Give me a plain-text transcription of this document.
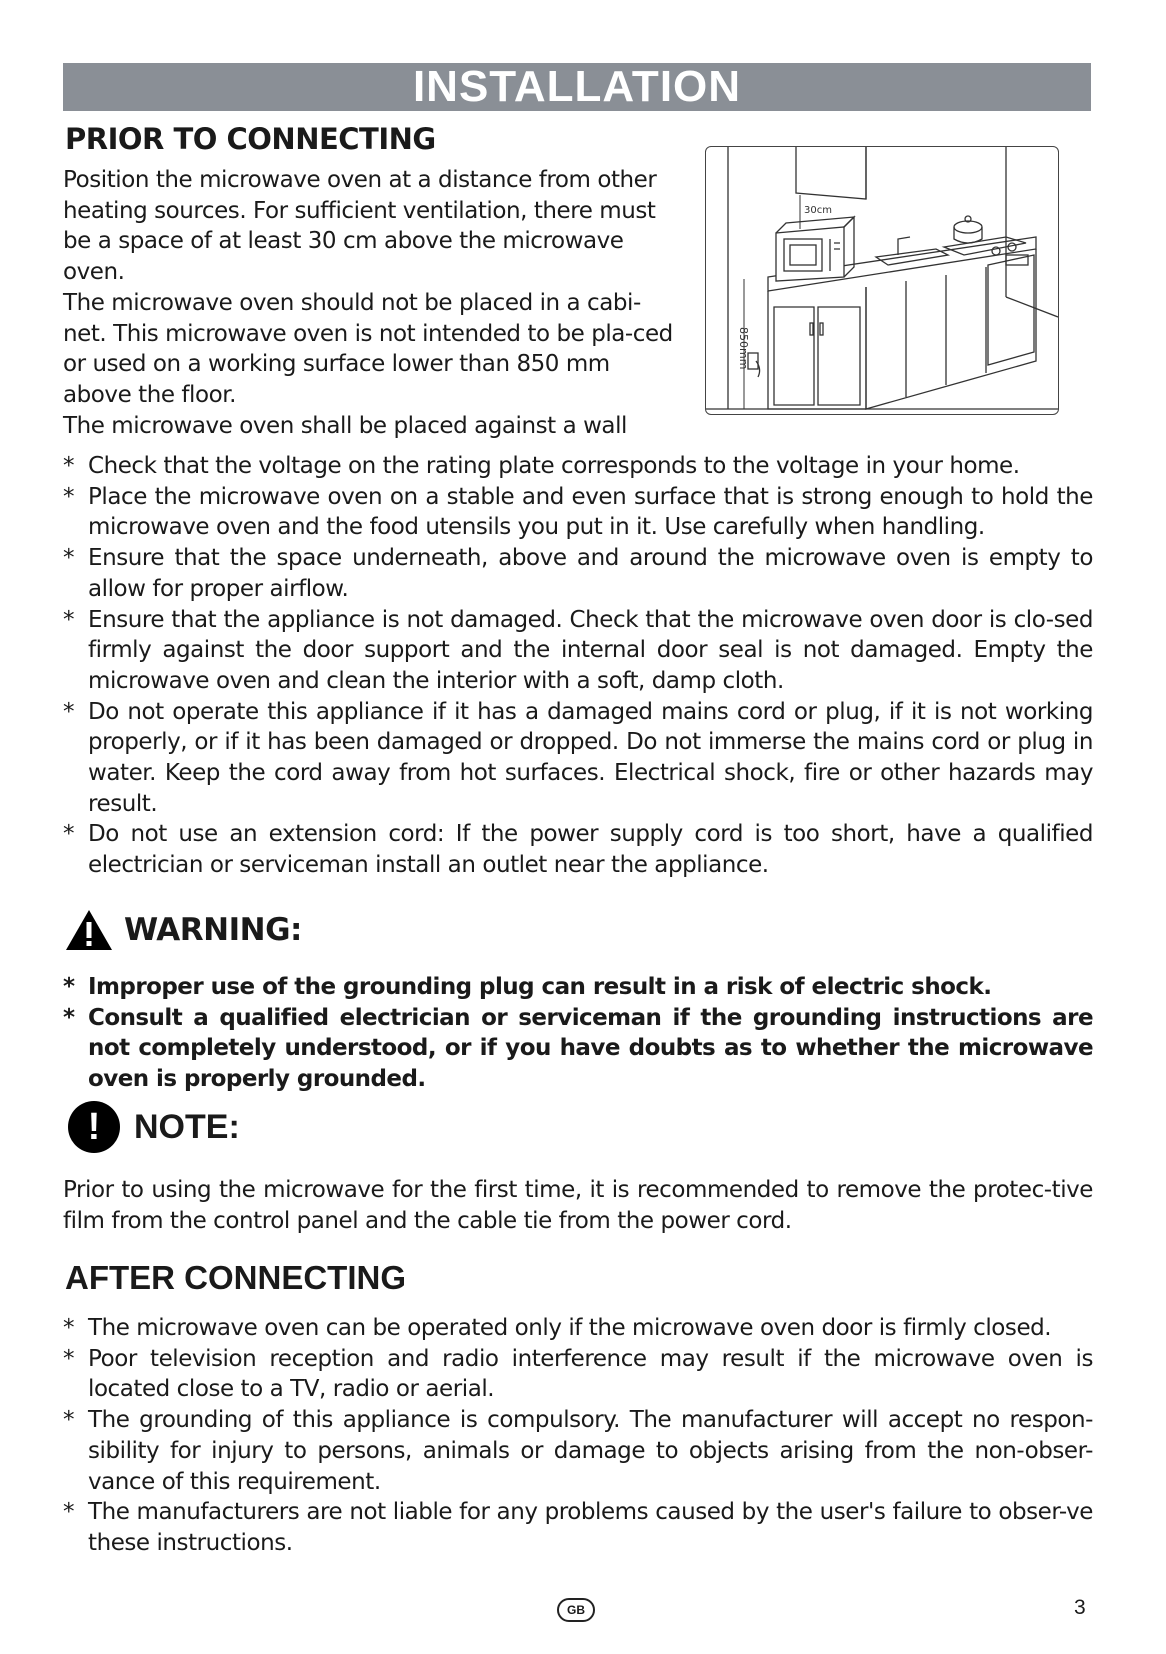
INSTALLATION
PRIOR TO CONNECTING

Position the microwave oven at a distance from other heating sources. For sufficient ventilation, there must be a space of at least 30 cm above the microwave oven.

The microwave oven should not be placed in a cabi-net. This microwave oven is not intended to be pla-ced or used on a working surface lower than 850 mm above the floor.

The microwave oven shall be placed against a wall

30cm
850mm
* Check that the voltage on the rating plate corresponds to the voltage in your home.
* Place the microwave oven on a stable and even surface that is strong enough to hold the microwave oven and the food utensils you put in it. Use carefully when handling.
* Ensure that the space underneath, above and around the microwave oven is empty to allow for proper airflow.
* Ensure that the appliance is not damaged. Check that the microwave oven door is clo-sed firmly against the door support and the internal door seal is not damaged. Empty the microwave oven and clean the interior with a soft, damp cloth.
* Do not operate this appliance if it has a damaged mains cord or plug, if it is not working properly, or if it has been damaged or dropped. Do not immerse the mains cord or plug in water. Keep the cord away from hot surfaces. Electrical shock, fire or other hazards may result.
* Do not use an extension cord: If the power supply cord is too short, have a qualified electrician or serviceman install an outlet near the appliance.
WARNING:
* Improper use of the grounding plug can result in a risk of electric shock.
* Consult a qualified electrician or serviceman if the grounding instructions are not completely understood, or if you have doubts as to whether the microwave oven is properly grounded.
! NOTE:

Prior to using the microwave for the first time, it is recommended to remove the protec-tive film from the control panel and the cable tie from the power cord.

AFTER CONNECTING
* The microwave oven can be operated only if the microwave oven door is firmly closed.
* Poor television reception and radio interference may result if the microwave oven is located close to a TV, radio or aerial.
* The grounding of this appliance is compulsory. The manufacturer will accept no respon-sibility for injury to persons, animals or damage to objects arising from the non-obser-vance of this requirement.
* The manufacturers are not liable for any problems caused by the user's failure to obser-ve these instructions.
GB	3
